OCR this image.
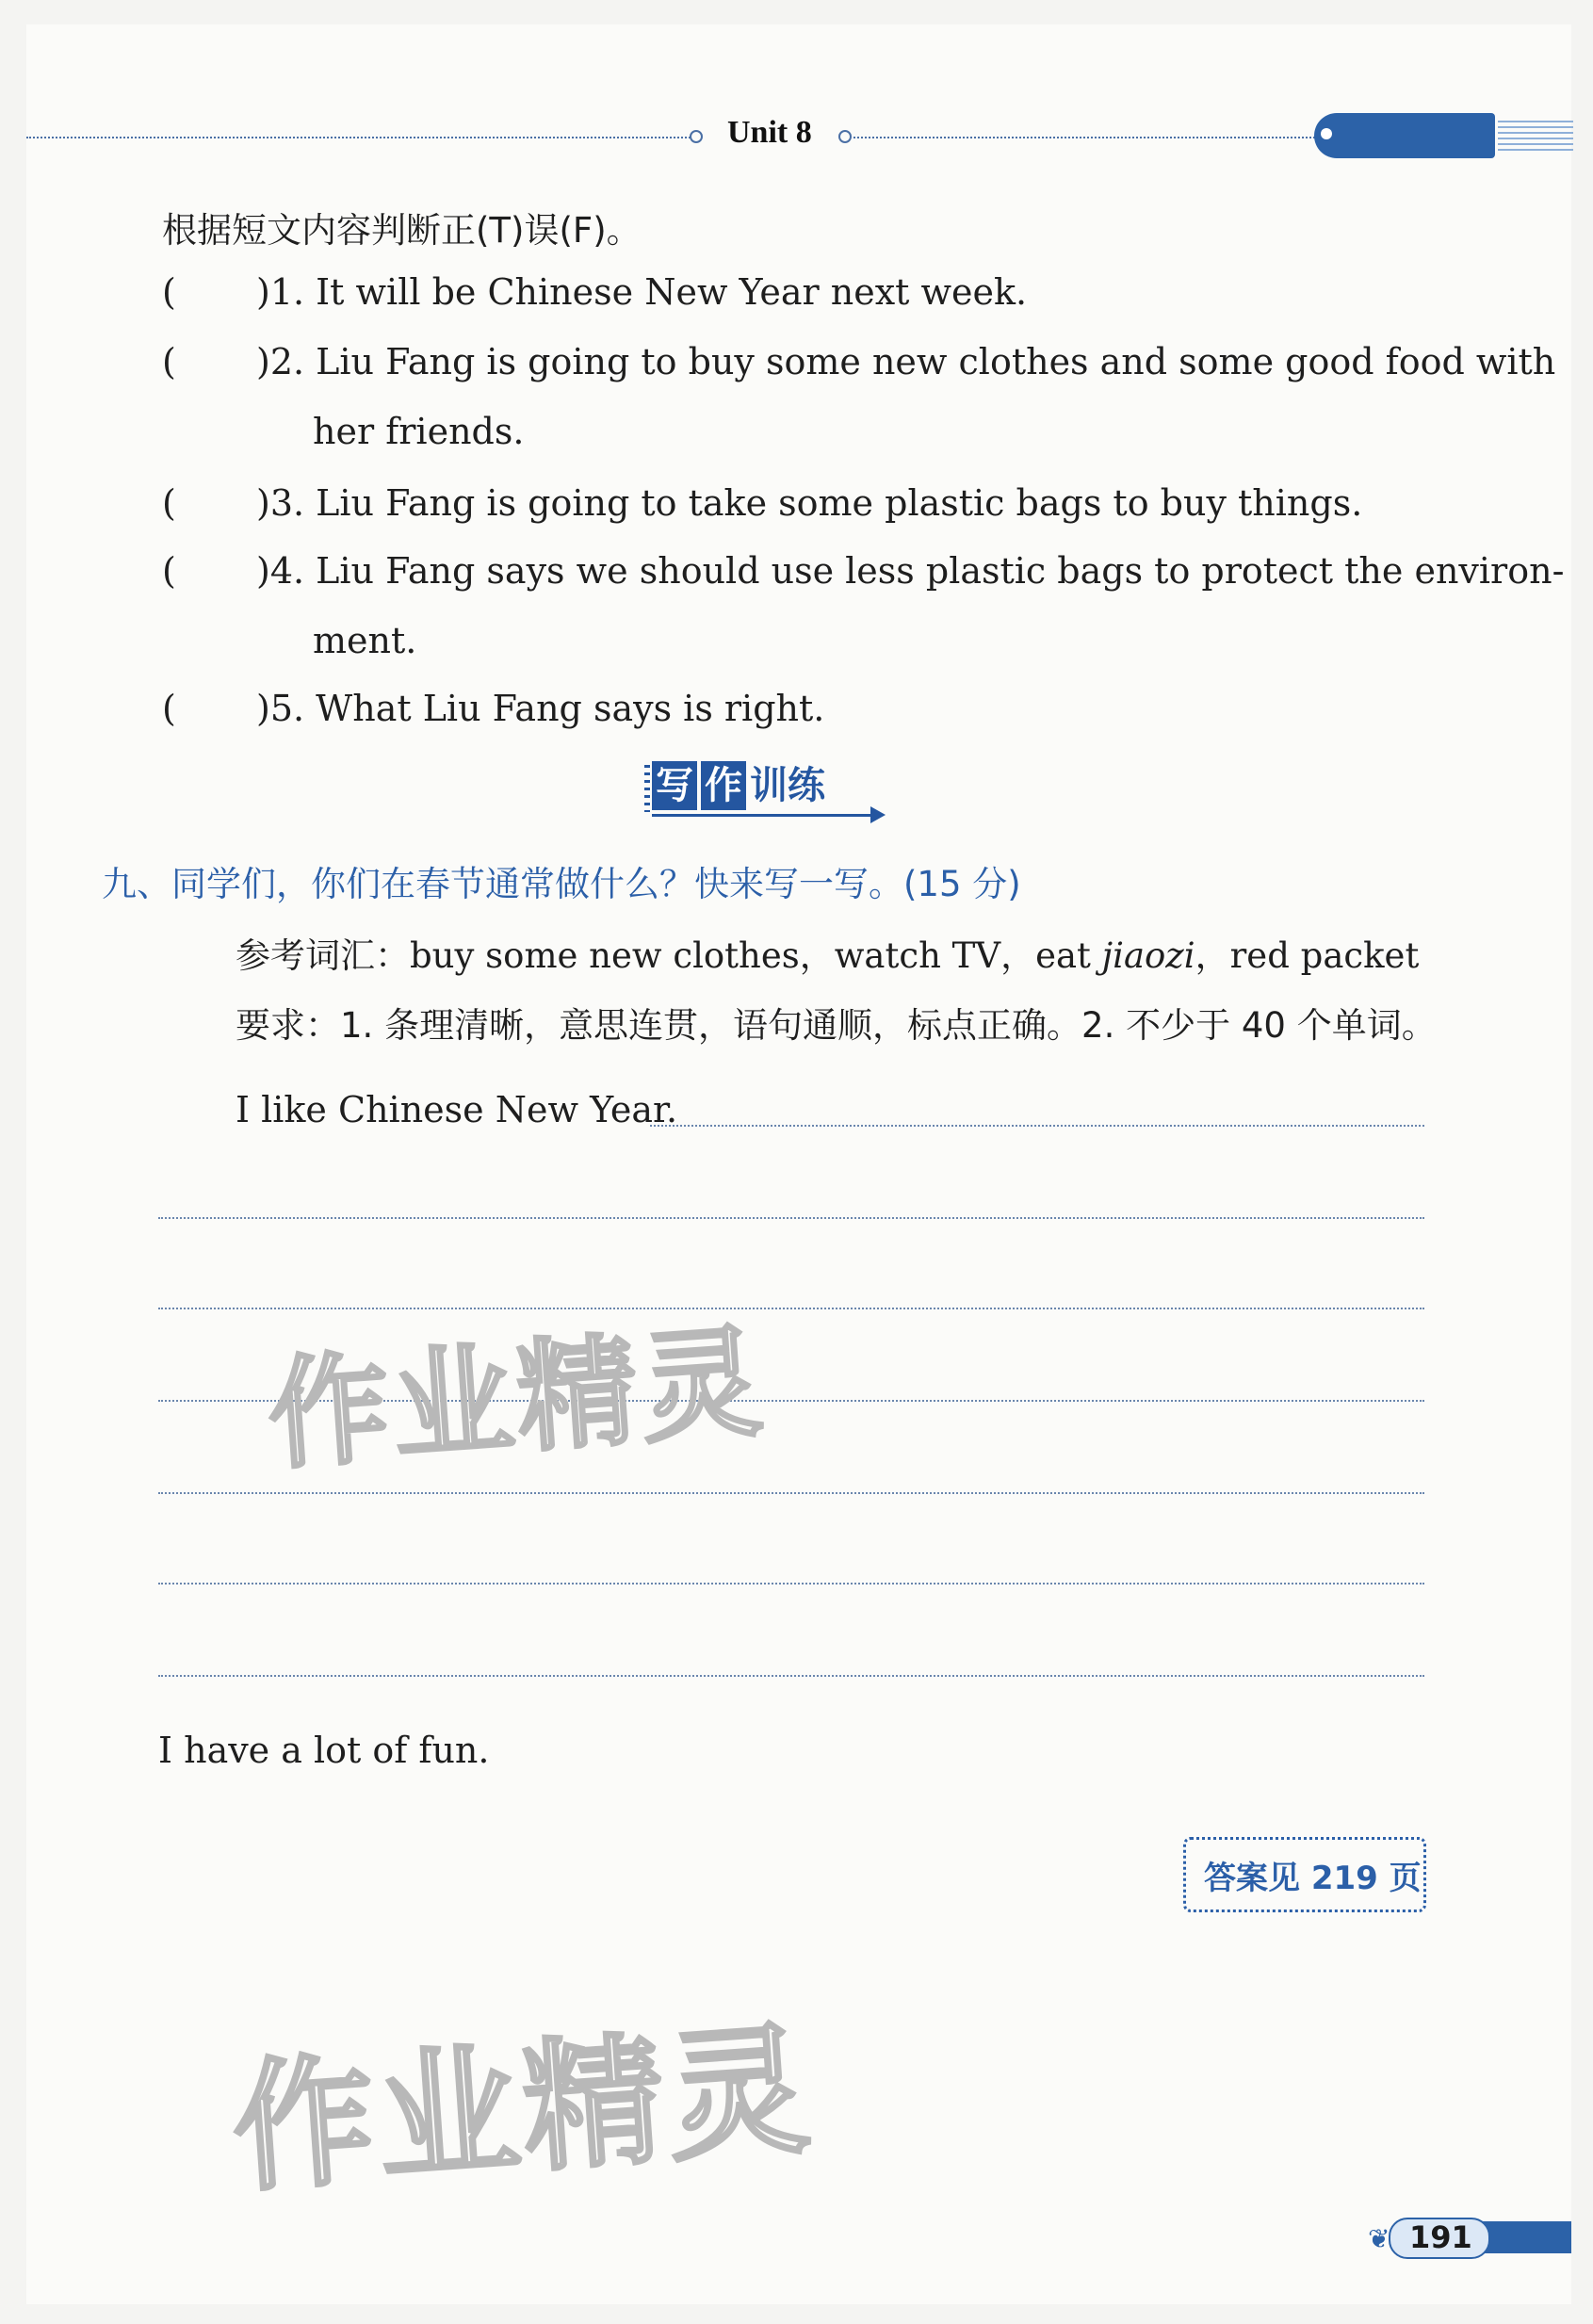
Unit 8
根据短文内容判断正(T)误(F)。
( )1. It will be Chinese New Year next week.
( )2. Liu Fang is going to buy some new clothes and some good food with
her friends.
( )3. Liu Fang is going to take some plastic bags to buy things.
( )4. Liu Fang says we should use less plastic bags to protect the environ-
ment.
( )5. What Liu Fang says is right.
写 作 训练
九、同学们，你们在春节通常做什么？快来写一写。(15 分)
参考词汇：buy some new clothes，watch TV，eat jiaozi，red packet
要求：1. 条理清晰，意思连贯，语句通顺，标点正确。2. 不少于 40 个单词。
I like Chinese New Year.
I have a lot of fun.
答案见 219 页
作业精灵
作业精灵
❦ 191
